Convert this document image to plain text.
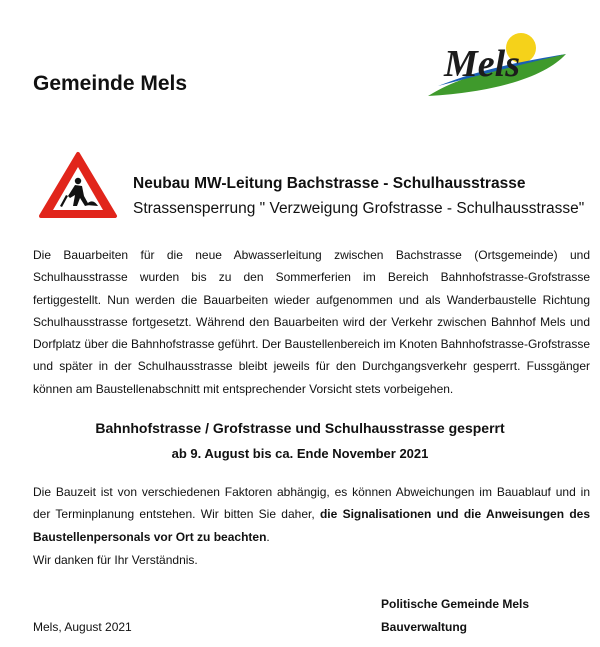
Gemeinde Mels	Mels
Neubau MW-Leitung Bachstrasse - Schulhausstrasse

Strassensperrung " Verzweigung Grofstrasse - Schulhausstrasse"

Die Bauarbeiten für die neue Abwasserleitung zwischen Bachstrasse (Ortsgemeinde) und Schulhausstrasse wurden bis zu den Sommerferien im Bereich Bahnhofstrasse-Grofstrasse fertiggestellt. Nun werden die Bauarbeiten wieder aufgenommen und als Wanderbaustelle Richtung Schulhausstrasse fortgesetzt. Während den Bauarbeiten wird der Verkehr zwischen Bahnhof Mels und Dorfplatz über die Bahnhofstrasse geführt. Der Baustellenbereich im Knoten Bahnhofstrasse-Grofstrasse und später in der Schulhausstrasse bleibt jeweils für den Durchgangsverkehr gesperrt. Fussgänger können am Baustellenabschnitt mit entsprechender Vorsicht stets vorbeigehen.

Bahnhofstrasse / Grofstrasse und Schulhausstrasse gesperrt

ab 9. August bis ca. Ende November 2021

Die Bauzeit ist von verschiedenen Faktoren abhängig, es können Abweichungen im Bauablauf und in der Terminplanung entstehen. Wir bitten Sie daher, die Signalisationen und die Anweisungen des Baustellenpersonals vor Ort zu beachten.

Wir danken für Ihr Verständnis.

Politische Gemeinde Mels

Mels, August 2021	Bauverwaltung
